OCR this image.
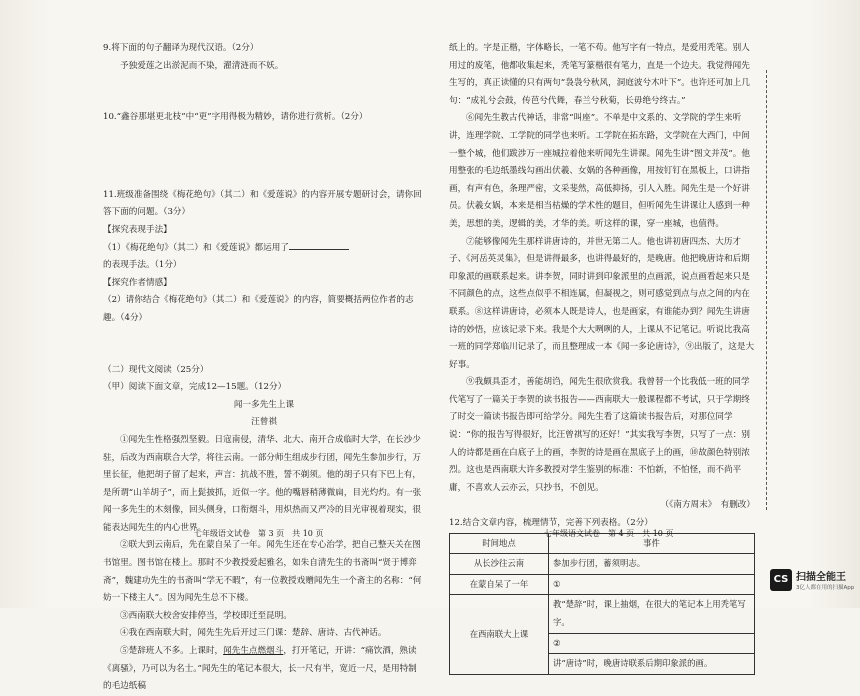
9.将下面的句子翻译为现代汉语。（2分）

予独爱莲之出淤泥而不染，濯清涟而不妖。

10.“鑫谷那堪更北枝”中“更”字用得极为精妙，请你进行赏析。（2分）

11.班级准备围绕《梅花绝句》（其二）和《爱莲说》的内容开展专题研讨会，请你回答下面的问题。（3分）

【探究表现手法】

（1）《梅花绝句》（其二）和《爱莲说》都运用了的表现手法。（1分）

【探究作者情感】

（2）请你结合《梅花绝句》（其二）和《爱莲说》的内容，简要概括两位作者的志趣。（4分）

（二）现代文阅读（25分）

（甲）阅读下面文章，完成12—15题。（12分）

闻一多先生上课

汪曾祺

①闻先生性格强烈坚毅。日寇南侵，清华、北大、南开合成临时大学，在长沙少驻，后改为西南联合大学，将往云南。一部分师生组成步行团，闻先生参加步行，万里长征，他把胡子留了起来，声言：抗战不胜，誓不剃须。他的胡子只有下巴上有，是所谓“山羊胡子”，而上髭披抓，近似一字。他的嘴唇稍薄微扁，目光灼灼。有一张闻一多先生的木刻像，回头侧身，口衔烟斗，用炽热而又严冷的目光审视着现实，很能表达闻先生的内心世界。

②联大到云南后，先在蒙自呆了一年。闻先生还在专心治学，把自己整天关在图书馆里。图书馆在楼上。那时不少教授爱起雅名，如朱自清先生的书斋叫“贤于博弈斋”，魏建功先生的书斋叫“学无不暇”，有一位教授戏赠闻先生一个斋主的名称：“何妨一下楼主人”。因为闻先生总不下楼。

③西南联大校舍安排停当，学校即迁至昆明。

④我在西南联大时，闻先生先后开过三门课：楚辞、唐诗、古代神话。

⑤楚辞班人不多。上课时，闻先生点燃烟斗，打开笔记，开讲：“痛饮酒，熟读《离骚》，乃可以为名士。”闻先生的笔记本很大，长一尺有半，宽近一尺，是用特制的毛边纸稿

纸上的。字是正楷，字体略长，一笔不苟。他写字有一特点，是爱用秃笔。别人用过的废笔，他都收集起来，秃笔写篆楷很有笔力，直是一个边夫。我觉得闻先生写的，真正读懂的只有两句“袅袅兮秋风，洞庭波兮木叶下”。也许还可加上几句：“成礼兮会鼓，传芭兮代舞，春兰兮秋菊，长毋绝兮终古。”

⑥闻先生教古代神话，非常“叫座”。不单是中文系的、文学院的学生来听讲，连理学院、工学院的同学也来听。工学院在拓东路，文学院在大西门，中间一整个城，他们跋涉万一座城拉着他来听闻先生讲课。闻先生讲“图文并茂”。他用整张的毛边纸墨线勾画出伏羲、女娲的各种画像，用按钉钉在黑板上，口讲指画，有声有色，条理严密，文采斐然，高低抑扬，引人入胜。闻先生是一个好讲员。伏羲女娲，本来是相当枯燥的学术性的题目，但听闻先生讲课让人感到一种美，思想的美，逻辑的美，才华的美。听这样的课，穿一座城，也值得。

⑦能够像闻先生那样讲唐诗的，并世无第二人。他也讲初唐四杰、大历才子、《河岳英灵集》，但是讲得最多，也讲得最好的，是晚唐。他把晚唐诗和后期印象派的画联系起来。讲李贺，同时讲到印象派里的点画派，说点画看起来只是不同颜色的点，这些点似乎不相连属，但凝视之，则可感觉到点与点之间的内在联系。⑧这样讲唐诗，必须本人既是诗人，也是画家，有谁能办到？闻先生讲唐诗的妙悟，应该记录下来。我是个大大咧咧的人，上课从不记笔记。听说比我高一班的同学郑临川记录了，而且整理成一本《闻一多论唐诗》，⑨出版了，这是大好事。

⑨我颇具歪才，善能胡诌，闻先生很欣赏我。我曾替一个比我低一班的同学代笔写了一篇关于李贺的读书报告——西南联大一般课程都不考试，只于学期终了时交一篇读书报告即可给学分。闻先生看了这篇读书报告后，对那位同学说：“你的报告写得很好，比汪曾祺写的还好！”其实我写李贺，只写了一点：别人的诗都是画在白底子上的画，李贺的诗是画在黑底子上的画，⑩故颜色特别浓烈。这也是西南联大许多教授对学生鉴别的标准：不怕新，不怕怪，而不尚平庸，不喜欢人云亦云，只抄书，不创见。

（《南方周末》　有删改）

12.结合文章内容，梳理情节，完善下列表格。（2分）

时间地点	事件
从长沙往云南	参加步行团，蓄须明志。
在蒙自呆了一年	①
在西南联大上课	教“楚辞”时，课上抽烟，在很大的笔记本上用秃笔写字。
	②
	讲“唐诗”时，晚唐诗联系后期印象派的画。
七年级语文试卷　第 3 页　共 10 页	七年级语文试卷　第 4 页　共 10 页
CS 扫描全能王
3亿人都在用的扫描App
